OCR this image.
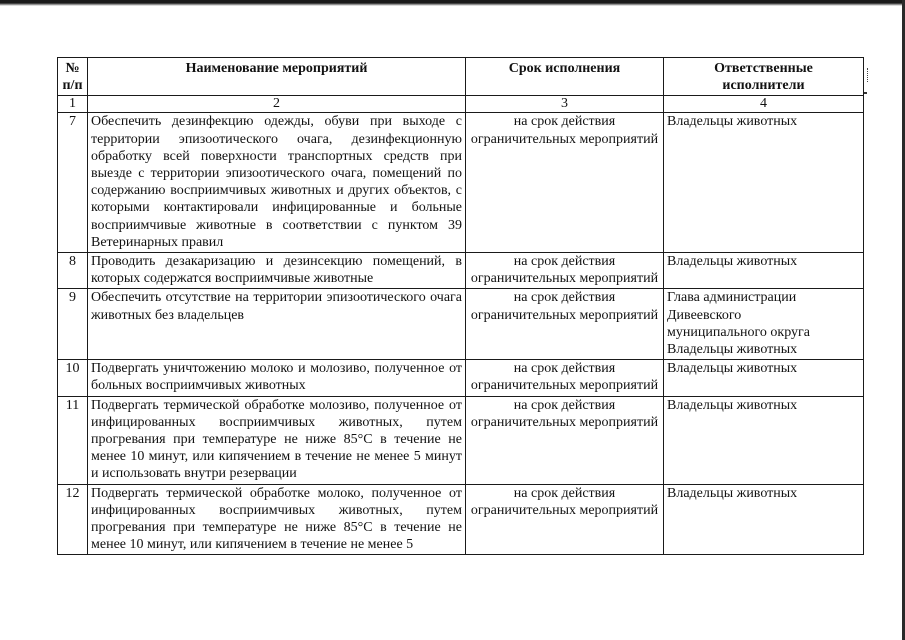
№
п/п	Наименование мероприятий	Срок исполнения	Ответственные
исполнители

1	2	3	4
7	Обеспечить дезинфекцию одежды, обуви при выходе с территории эпизоотического очага, дезинфекционную обработку всей поверхности транспортных средств при выезде с территории эпизоотического очага, помещений по содержанию восприимчивых животных и других объектов, с которыми контактировали инфицированные и больные восприимчивые животные в соответствии с пунктом 39 Ветеринарных правил	на срок действия ограничительных мероприятий	Владельцы животных

8	Проводить дезакаризацию и дезинсекцию помещений, в которых содержатся восприимчивые животные	на срок действия ограничительных мероприятий	Владельцы животных

9	Обеспечить отсутствие на территории эпизоотического очага животных без владельцев	на срок действия ограничительных мероприятий	Глава администрации
Дивеевского
муниципального округа
Владельцы животных

10	Подвергать уничтожению молоко и молозиво, полученное от больных восприимчивых животных	на срок действия ограничительных мероприятий	Владельцы животных

11	Подвергать термической обработке молозиво, полученное от инфицированных восприимчивых животных, путем прогревания при температуре не ниже 85°С в течение не менее 10 минут, или кипячением в течение не менее 5 минут и использовать внутри резервации	на срок действия ограничительных мероприятий	Владельцы животных

12	Подвергать термической обработке молоко, полученное от инфицированных восприимчивых животных, путем прогревания при температуре не ниже 85°С в течение не менее 10 минут, или кипячением в течение не менее 5	на срок действия ограничительных мероприятий	Владельцы животных
